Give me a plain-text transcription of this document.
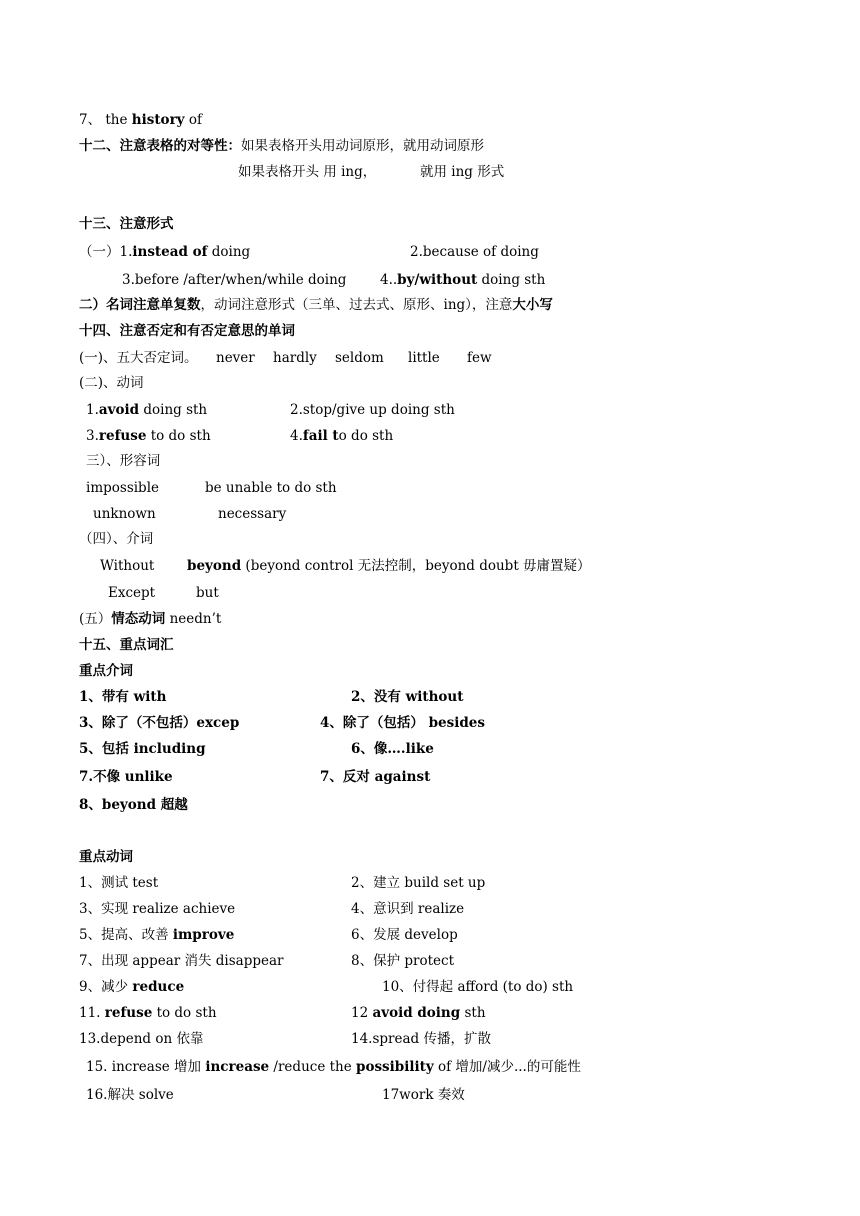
7、 the history of
十二、注意表格的对等性：如果表格开头用动词原形，就用动词原形
如果表格开头 用 ing，	就用 ing 形式
十三、注意形式
（一）1.instead of doing	2.because of doing
3.before /after/when/while doing 4..by/without doing sth
二）名词注意单复数，动词注意形式（三单、过去式、原形、ing），注意大小写
十四、注意否定和有否定意思的单词
(一)、五大否定词。 never hardly seldom little few
(二)、动词
1.avoid doing sth	2.stop/give up doing sth
3.refuse to do sth	4.fail to do sth
三）、形容词
impossible	be unable to do sth
unknown	necessary
（四）、介词
Without beyond (beyond control 无法控制，beyond doubt 毋庸置疑）
Except	but
(五）情态动词 needn’t
十五、重点词汇
重点介词
1、带有 with	2、没有 without
3、除了（不包括）excep	4、除了（包括） besides
5、包括 including	6、像….like
7.不像 unlike	7、反对 against
8、beyond 超越
重点动词
1、测试 test	2、建立 build set up
3、实现 realize achieve	4、意识到 realize
5、提高、改善 improve	6、发展 develop
7、出现 appear 消失 disappear	8、保护 protect
9、减少 reduce	10、付得起 afford (to do) sth
11. refuse to do sth	12 avoid doing sth
13.depend on 依靠	14.spread 传播，扩散
15. increase 增加 increase /reduce the possibility of 增加/减少...的可能性
16.解决 solve	17work 奏效
